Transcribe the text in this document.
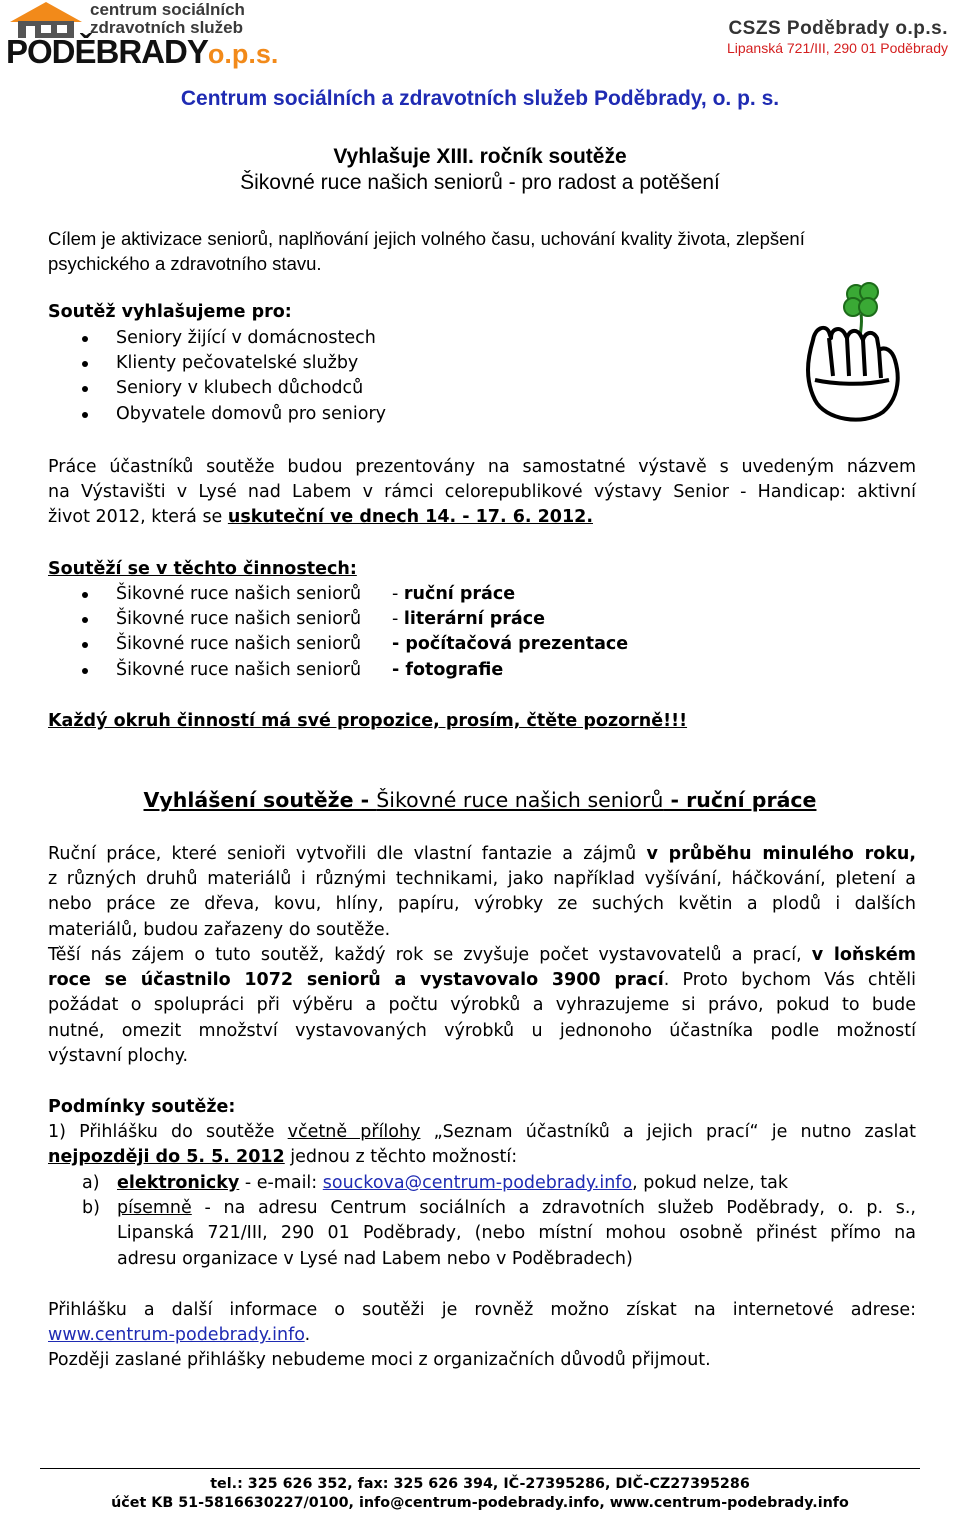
centrum sociálních
zdravotních služeb
PODĚBRADYo.p.s.
CSZS Poděbrady o.p.s.
Lipanská 721/III, 290 01 Poděbrady
Centrum sociálních a zdravotních služeb Poděbrady, o. p. s.
Vyhlašuje XIII. ročník soutěže
Šikovné ruce našich seniorů - pro radost a potěšení
Cílem je aktivizace seniorů, naplňování jejich volného času, uchování kvality života, zlepšení
psychického a zdravotního stavu.
Soutěž vyhlašujeme pro:
Seniory žijící v domácnostech
Klienty pečovatelské služby
Seniory v klubech důchodců
Obyvatele domovů pro seniory
Práce účastníků soutěže budou prezentovány na samostatné výstavě s uvedeným názvem
na Výstavišti v Lysé nad Labem v rámci celorepublikové výstavy Senior - Handicap: aktivní
život 2012, která se uskuteční ve dnech 14. - 17. 6. 2012.
Soutěží se v těchto činnostech:
Šikovné ruce našich seniorů - ruční práce
Šikovné ruce našich seniorů - literární práce
Šikovné ruce našich seniorů - počítačová prezentace
Šikovné ruce našich seniorů - fotografie
Každý okruh činností má své propozice, prosím, čtěte pozorně!!!
Vyhlášení soutěže - Šikovné ruce našich seniorů - ruční práce
Ruční práce, které senioři vytvořili dle vlastní fantazie a zájmů v průběhu minulého roku,
z různých druhů materiálů i různými technikami, jako například vyšívání, háčkování, pletení a
nebo práce ze dřeva, kovu, hlíny, papíru, výrobky ze suchých květin a plodů i dalších
materiálů, budou zařazeny do soutěže.
Těší nás zájem o tuto soutěž, každý rok se zvyšuje počet vystavovatelů a prací, v loňském
roce se účastnilo 1072 seniorů a vystavovalo 3900 prací. Proto bychom Vás chtěli
požádat o spolupráci při výběru a počtu výrobků a vyhrazujeme si právo, pokud to bude
nutné, omezit množství vystavovaných výrobků u jednonoho účastníka podle možností
výstavní plochy.
Podmínky soutěže:
1) Přihlášku do soutěže včetně přílohy „Seznam účastníků a jejich prací“ je nutno zaslat
nejpozději do 5. 5. 2012 jednou z těchto možností:
a) elektronicky - e-mail: souckova@centrum-podebrady.info, pokud nelze, tak
b) písemně - na adresu Centrum sociálních a zdravotních služeb Poděbrady, o. p. s.,
Lipanská 721/III, 290 01 Poděbrady, (nebo místní mohou osobně přinést přímo na
adresu organizace v Lysé nad Labem nebo v Poděbradech)
Přihlášku a další informace o soutěži je rovněž možno získat na internetové adrese:
www.centrum-podebrady.info.
Později zaslané přihlášky nebudeme moci z organizačních důvodů přijmout.
tel.: 325 626 352, fax: 325 626 394, IČ-27395286, DIČ-CZ27395286
účet KB 51-5816630227/0100, info@centrum-podebrady.info, www.centrum-podebrady.info
